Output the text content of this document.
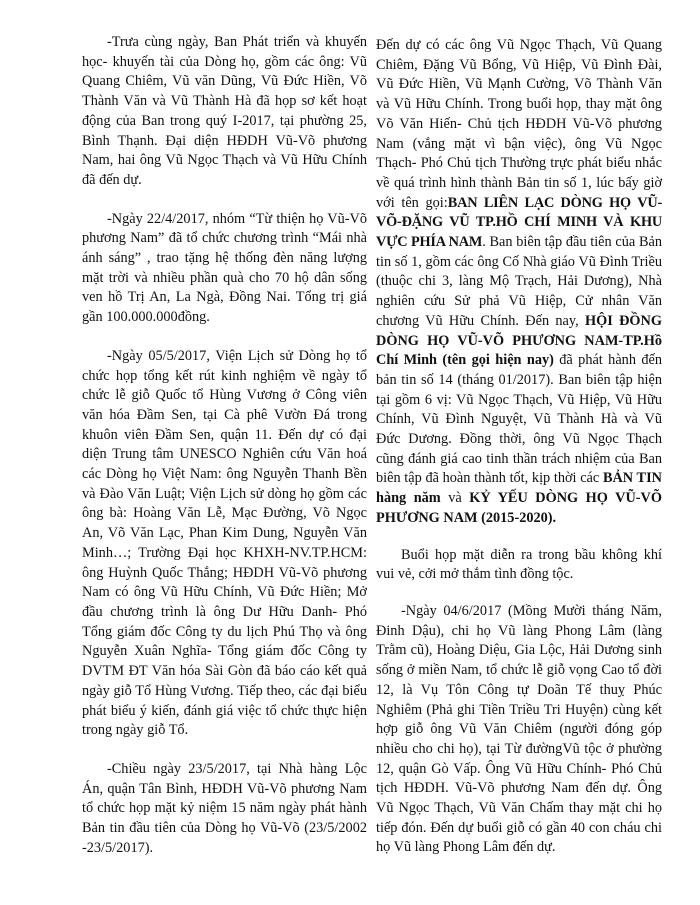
-Trưa cùng ngày, Ban Phát triển và khuyến học- khuyến tài của Dòng họ, gồm các ông: Vũ Quang Chiêm, Vũ văn Dũng, Vũ Đức Hiền, Võ Thành Văn và Vũ Thành Hà đã họp sơ kết hoạt động của Ban trong quý I-2017, tại phường 25, Bình Thạnh. Đại diện HĐDH Vũ-Võ phương Nam, hai ông Vũ Ngọc Thạch và Vũ Hữu Chính đã đến dự.

-Ngày 22/4/2017, nhóm “Từ thiện họ Vũ-Võ phương Nam” đã tổ chức chương trình “Mái nhà ánh sáng” , trao tặng hệ thống đèn năng lượng mặt trời và nhiều phần quà cho 70 hộ dân sống ven hồ Trị An, La Ngà, Đồng Nai. Tổng trị giá gần 100.000.000đồng.

-Ngày 05/5/2017, Viện Lịch sử Dòng họ tổ chức họp tổng kết rút kinh nghiệm về ngày tổ chức lễ giỗ Quốc tổ Hùng Vương ở Công viên văn hóa Đầm Sen, tại Cà phê Vườn Đá trong khuôn viên Đầm Sen, quận 11. Đến dự có đại diện Trung tâm UNESCO Nghiên cứu Văn hoá các Dòng họ Việt Nam: ông Nguyễn Thanh Bền và Đào Văn Luật; Viện Lịch sử dòng họ gồm các ông bà: Hoàng Văn Lễ, Mạc Đường, Võ Ngọc An, Võ Văn Lạc, Phan Kim Dung, Nguyễn Văn Minh…; Trường Đại học KHXH-NV.TP.HCM: ông Huỳnh Quốc Thắng; HĐDH Vũ-Võ phương Nam có ông Vũ Hữu Chính, Vũ Đức Hiền; Mở đầu chương trình là ông Dư Hữu Danh- Phó Tổng giám đốc Công ty du lịch Phú Thọ và ông Nguyễn Xuân Nghĩa- Tổng giám đốc Công ty DVTM ĐT Văn hóa Sài Gòn đã báo cáo kết quả ngày giỗ Tổ Hùng Vương. Tiếp theo, các đại biểu phát biểu ý kiến, đánh giá việc tổ chức thực hiện trong ngày giỗ Tổ.

-Chiều ngày 23/5/2017, tại Nhà hàng Lộc Án, quận Tân Bình, HĐDH Vũ-Võ phương Nam tổ chức họp mặt kỷ niệm 15 năm ngày phát hành Bản tin đầu tiên của Dòng họ Vũ-Võ (23/5/2002 -23/5/2017).

Đến dự có các ông Vũ Ngọc Thạch, Vũ Quang Chiêm, Đặng Vũ Bổng, Vũ Hiệp, Vũ Đình Đài, Vũ Đức Hiền, Vũ Mạnh Cường, Võ Thành Văn và Vũ Hữu Chính. Trong buổi họp, thay mặt ông Võ Văn Hiến- Chủ tịch HĐDH Vũ-Võ phương Nam (vắng mặt vì bận việc), ông Vũ Ngọc Thạch- Phó Chủ tịch Thường trực phát biểu nhắc về quá trình hình thành Bản tin số 1, lúc bấy giờ với tên gọi:BAN LIÊN LẠC DÒNG HỌ VŨ-VÕ-ĐẶNG VŨ TP.HỒ CHÍ MINH VÀ KHU VỰC PHÍA NAM. Ban biên tập đầu tiên của Bản tin số 1, gồm các ông Cố Nhà giáo Vũ Đình Triều (thuộc chi 3, làng Mộ Trạch, Hải Dương), Nhà nghiên cứu Sử phả Vũ Hiệp, Cử nhân Văn chương Vũ Hữu Chính. Đến nay, HỘI ĐỒNG DÒNG HỌ VŨ-VÕ PHƯƠNG NAM-TP.Hồ Chí Minh (tên gọi hiện nay) đã phát hành đến bản tin số 14 (tháng 01/2017). Ban biên tập hiện tại gồm 6 vị: Vũ Ngọc Thạch, Vũ Hiệp, Vũ Hữu Chính, Vũ Đình Nguyệt, Vũ Thành Hà và Vũ Đức Dương. Đồng thời, ông Vũ Ngọc Thạch cũng đánh giá cao tinh thần trách nhiệm của Ban biên tập đã hoàn thành tốt, kịp thời các BẢN TIN hàng năm và KỶ YẾU DÒNG HỌ VŨ-VÕ PHƯƠNG NAM (2015-2020).

Buổi họp mặt diễn ra trong bầu không khí vui vẻ, cởi mở thắm tình đồng tộc.

-Ngày 04/6/2017 (Mồng Mười tháng Năm, Đinh Dậu), chi họ Vũ làng Phong Lâm (làng Trằm cũ), Hoàng Diệu, Gia Lộc, Hải Dương sinh sống ở miền Nam, tổ chức lễ giỗ vọng Cao tổ đời 12, là Vụ Tôn Công tự Doãn Tế thuỵ Phúc Nghiêm (Phả ghi Tiền Triều Tri Huyện) cùng kết hợp giỗ ông Vũ Văn Chiêm (người đóng góp nhiều cho chi họ), tại Từ đườngVũ tộc ở phường 12, quận Gò Vấp. Ông Vũ Hữu Chính- Phó Chủ tịch HĐDH. Vũ-Võ phương Nam đến dự. Ông Vũ Ngọc Thạch, Vũ Văn Chấm thay mặt chi họ tiếp đón. Đến dự buổi giỗ có gần 40 con cháu chi họ Vũ làng Phong Lâm đến dự.
